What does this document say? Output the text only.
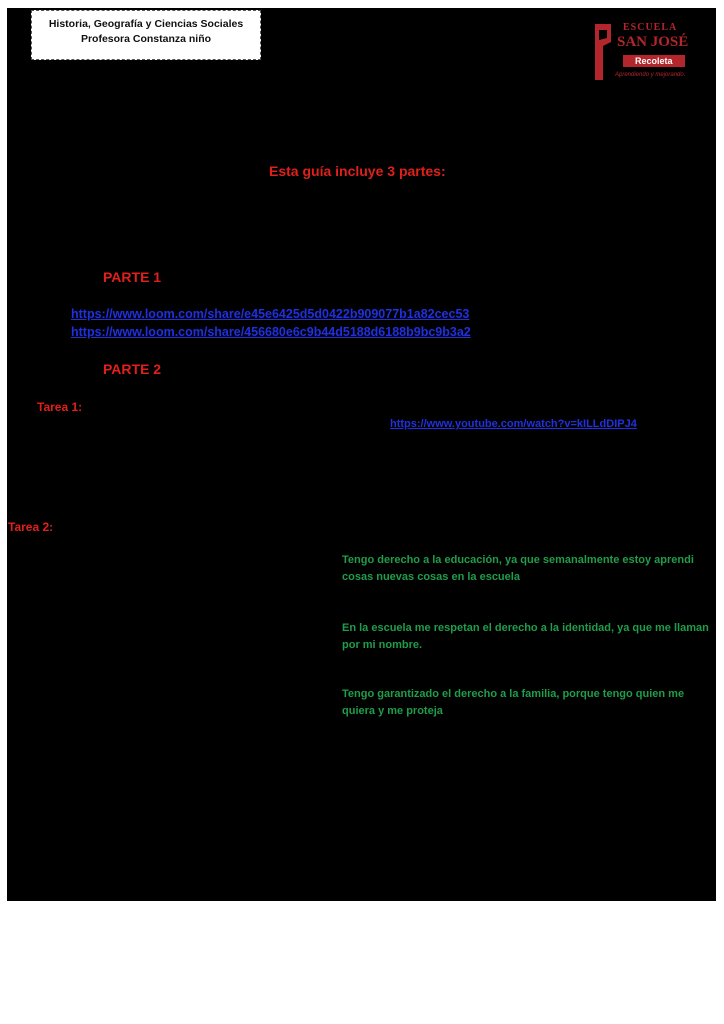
Historia, Geografía y Ciencias Sociales
Profesora Constanza niño
ESCUELA
SAN JOSÉ
Recoleta
Aprendiendo y mejorando.
Esta guía incluye 3 partes:
PARTE 1
https://www.loom.com/share/e45e6425d5d0422b909077b1a82cec53
https://www.loom.com/share/456680e6c9b44d5188d6188b9bc9b3a2
PARTE 2
Tarea 1:
https://www.youtube.com/watch?v=kILLdDIPJ4
Tarea 2:
Tengo derecho a la educación, ya que semanalmente estoy aprendi cosas nuevas cosas en la escuela
En la escuela me respetan el derecho a la identidad, ya que me llaman por mi nombre.
Tengo garantizado el derecho a la familia, porque tengo quien me quiera y me proteja
